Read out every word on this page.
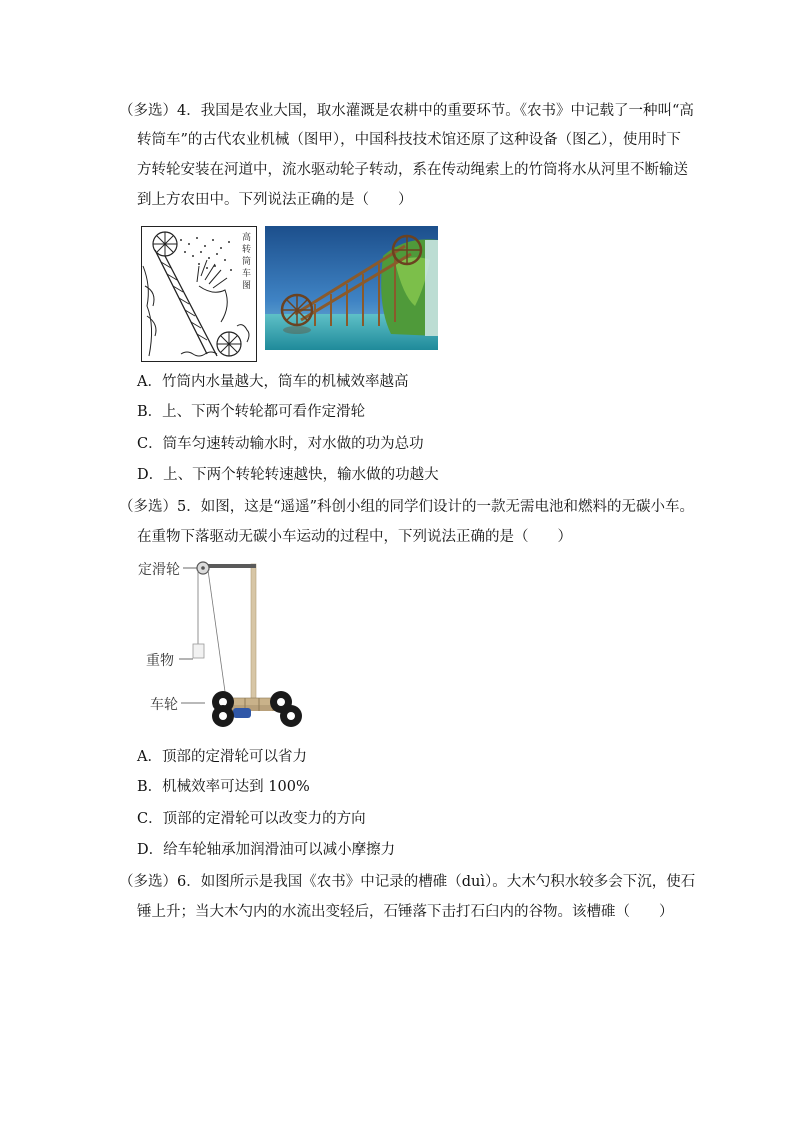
（多选）4．我国是农业大国，取水灌溉是农耕中的重要环节。《农书》中记载了一种叫“高
转筒车”的古代农业机械（图甲），中国科技技术馆还原了这种设备（图乙），使用时下
方转轮安装在河道中，流水驱动轮子转动，系在传动绳索上的竹筒将水从河里不断输送
到上方农田中。下列说法正确的是（　　）
高
转
筒
车
图
A．竹筒内水量越大，筒车的机械效率越高
B．上、下两个转轮都可看作定滑轮
C．筒车匀速转动输水时，对水做的功为总功
D．上、下两个转轮转速越快，输水做的功越大
（多选）5．如图，这是“遥遥”科创小组的同学们设计的一款无需电池和燃料的无碳小车。
在重物下落驱动无碳小车运动的过程中，下列说法正确的是（　　）
定滑轮
重物
车轮
A．顶部的定滑轮可以省力
B．机械效率可达到 100%
C．顶部的定滑轮可以改变力的方向
D．给车轮轴承加润滑油可以减小摩擦力
（多选）6．如图所示是我国《农书》中记录的槽碓（duì）。大木勺积水较多会下沉，使石
锤上升；当大木勺内的水流出变轻后，石锤落下击打石臼内的谷物。该槽碓（　　）
